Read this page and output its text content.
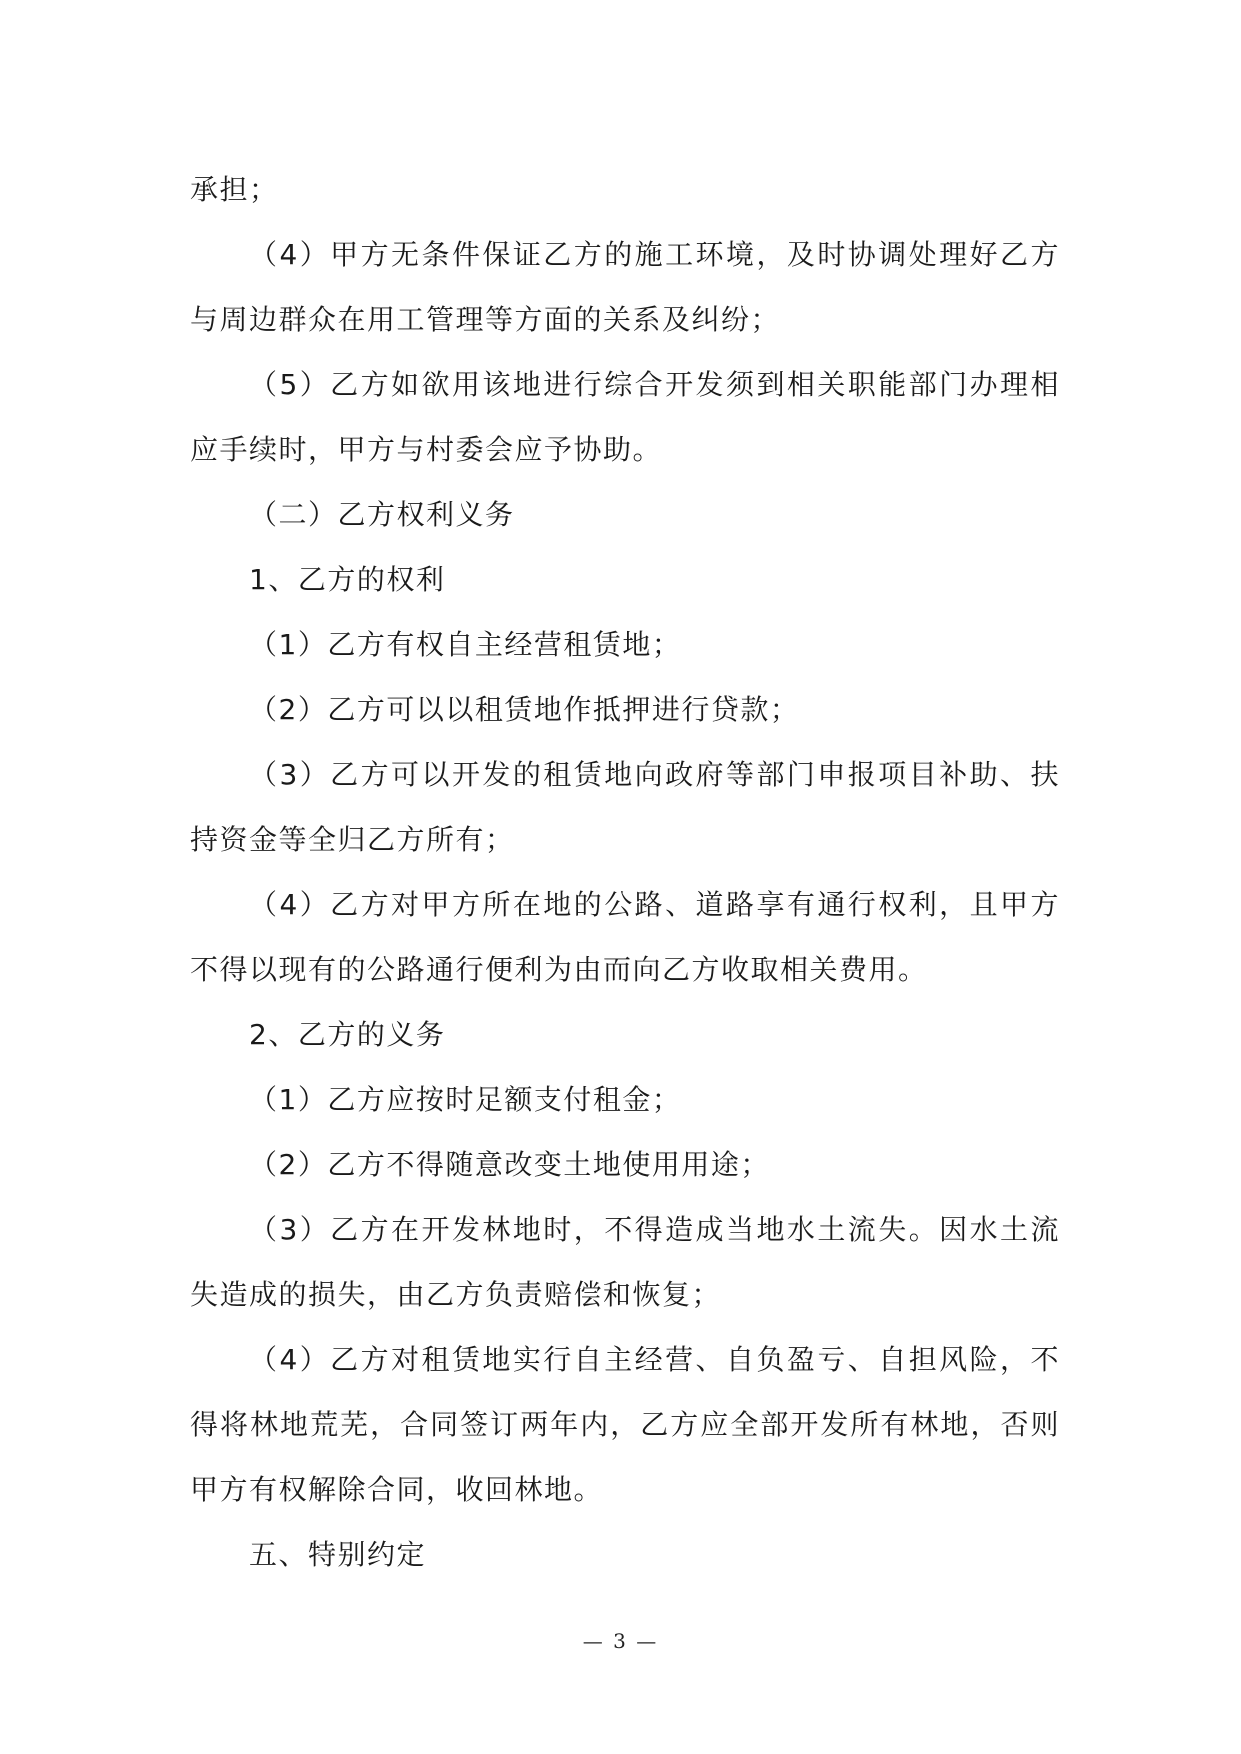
承担；

（4）甲方无条件保证乙方的施工环境，及时协调处理好乙方与周边群众在用工管理等方面的关系及纠纷；

（5）乙方如欲用该地进行综合开发须到相关职能部门办理相应手续时，甲方与村委会应予协助。

（二）乙方权利义务

1、乙方的权利

（1）乙方有权自主经营租赁地；

（2）乙方可以以租赁地作抵押进行贷款；

（3）乙方可以开发的租赁地向政府等部门申报项目补助、扶持资金等全归乙方所有；

（4）乙方对甲方所在地的公路、道路享有通行权利，且甲方不得以现有的公路通行便利为由而向乙方收取相关费用。

2、乙方的义务

（1）乙方应按时足额支付租金；

（2）乙方不得随意改变土地使用用途；

（3）乙方在开发林地时，不得造成当地水土流失。因水土流失造成的损失，由乙方负责赔偿和恢复；

（4）乙方对租赁地实行自主经营、自负盈亏、自担风险，不得将林地荒芜，合同签订两年内，乙方应全部开发所有林地，否则甲方有权解除合同，收回林地。

五、特别约定

— 3 —
